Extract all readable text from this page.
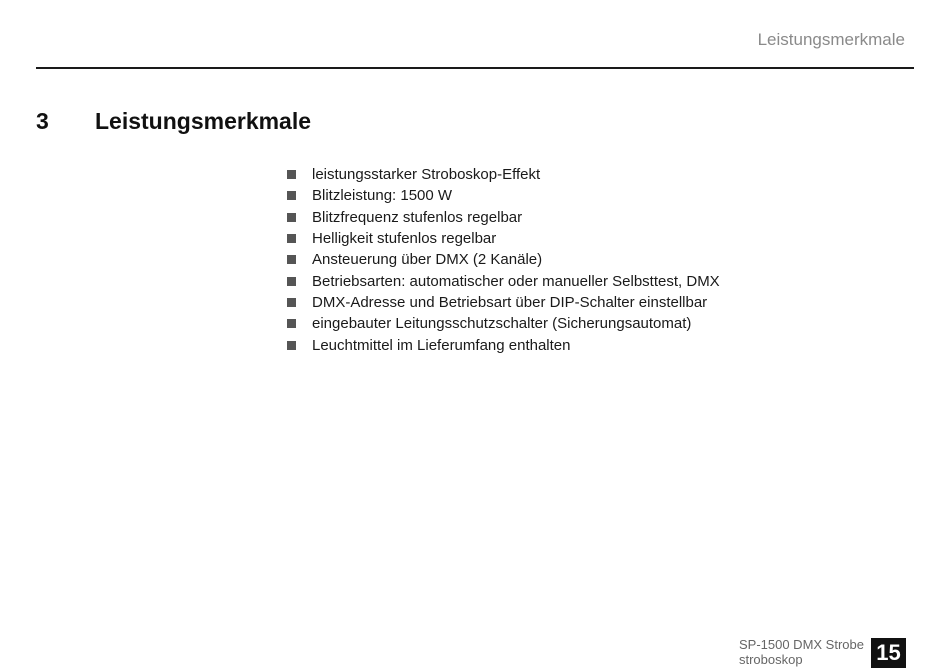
Leistungsmerkmale
3 Leistungsmerkmale
leistungsstarker Stroboskop-Effekt
Blitzleistung: 1500 W
Blitzfrequenz stufenlos regelbar
Helligkeit stufenlos regelbar
Ansteuerung über DMX (2 Kanäle)
Betriebsarten: automatischer oder manueller Selbsttest, DMX
DMX-Adresse und Betriebsart über DIP-Schalter einstellbar
eingebauter Leitungsschutzschalter (Sicherungsautomat)
Leuchtmittel im Lieferumfang enthalten
SP-1500 DMX Strobe
stroboskop	15
